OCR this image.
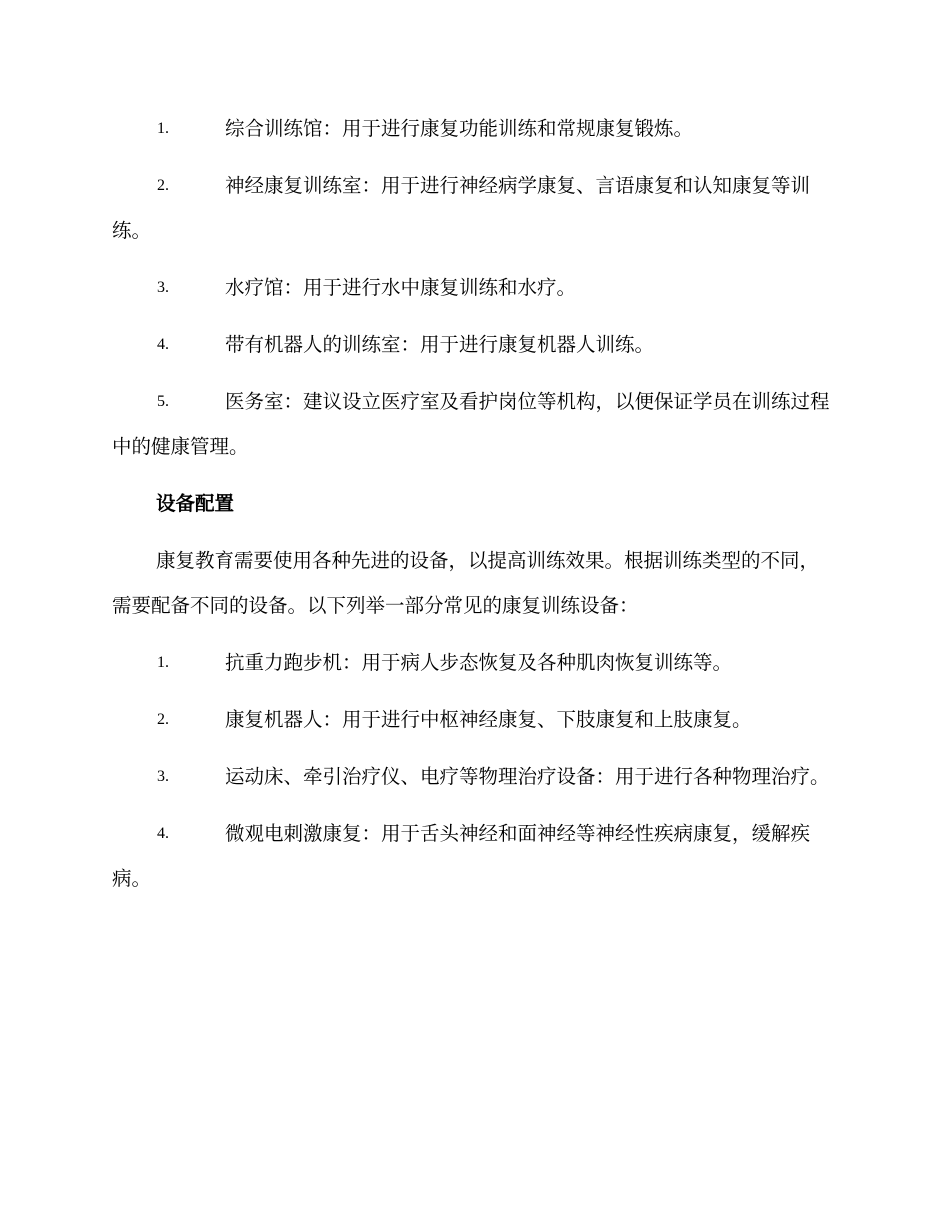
1.	综合训练馆：用于进行康复功能训练和常规康复锻炼。
2.	神经康复训练室：用于进行神经病学康复、言语康复和认知康复等训练。
3.	水疗馆：用于进行水中康复训练和水疗。
4.	带有机器人的训练室：用于进行康复机器人训练。
5.	医务室：建议设立医疗室及看护岗位等机构，以便保证学员在训练过程中的健康管理。
设备配置
康复教育需要使用各种先进的设备，以提高训练效果。根据训练类型的不同，需要配备不同的设备。以下列举一部分常见的康复训练设备：
1.	抗重力跑步机：用于病人步态恢复及各种肌肉恢复训练等。
2.	康复机器人：用于进行中枢神经康复、下肢康复和上肢康复。
3.	运动床、牵引治疗仪、电疗等物理治疗设备：用于进行各种物理治疗。
4.	微观电刺激康复：用于舌头神经和面神经等神经性疾病康复，缓解疾病。
